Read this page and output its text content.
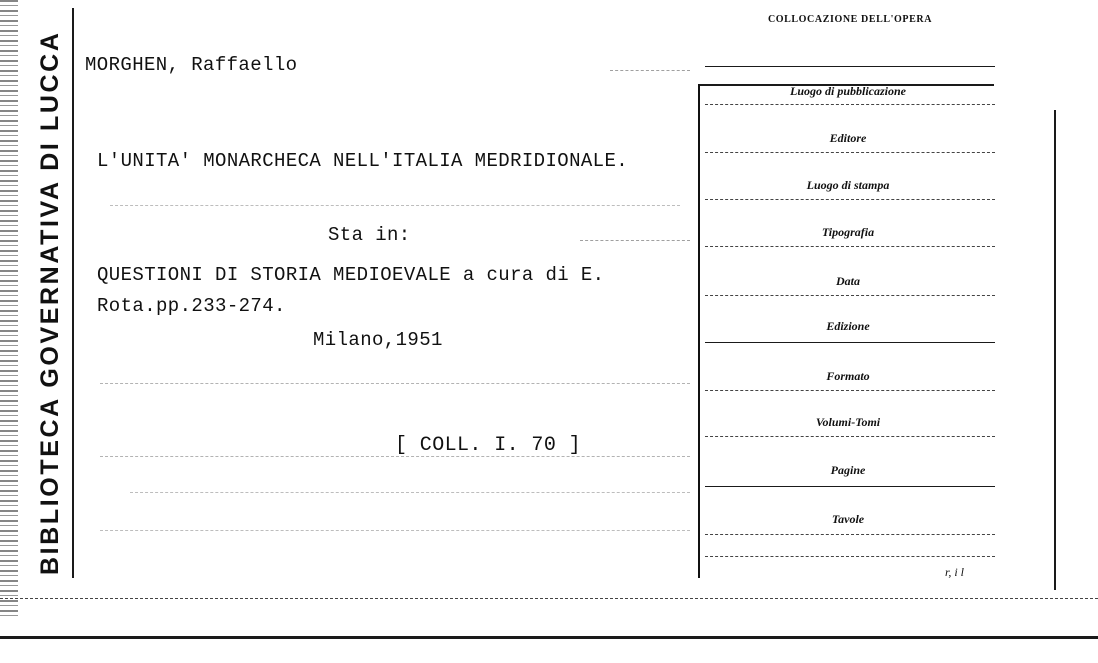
BIBLIOTECA GOVERNATIVA DI LUCCA	MORGHEN, Raffaello
L'UNITA' MONARCHECA NELL'ITALIA MEDRIDIONALE.
Sta in:
QUESTIONI DI STORIA MEDIOEVALE a cura di E.
Rota.pp.233-274.
Milano,1951
[ COLL. I. 70 ]
COLLOCAZIONE DELL'OPERA
Luogo di pubblicazione
Editore
Luogo di stampa
Tipografia
Data
Edizione
Formato
Volumi-Tomi
Pagine
Tavole
r, i l
